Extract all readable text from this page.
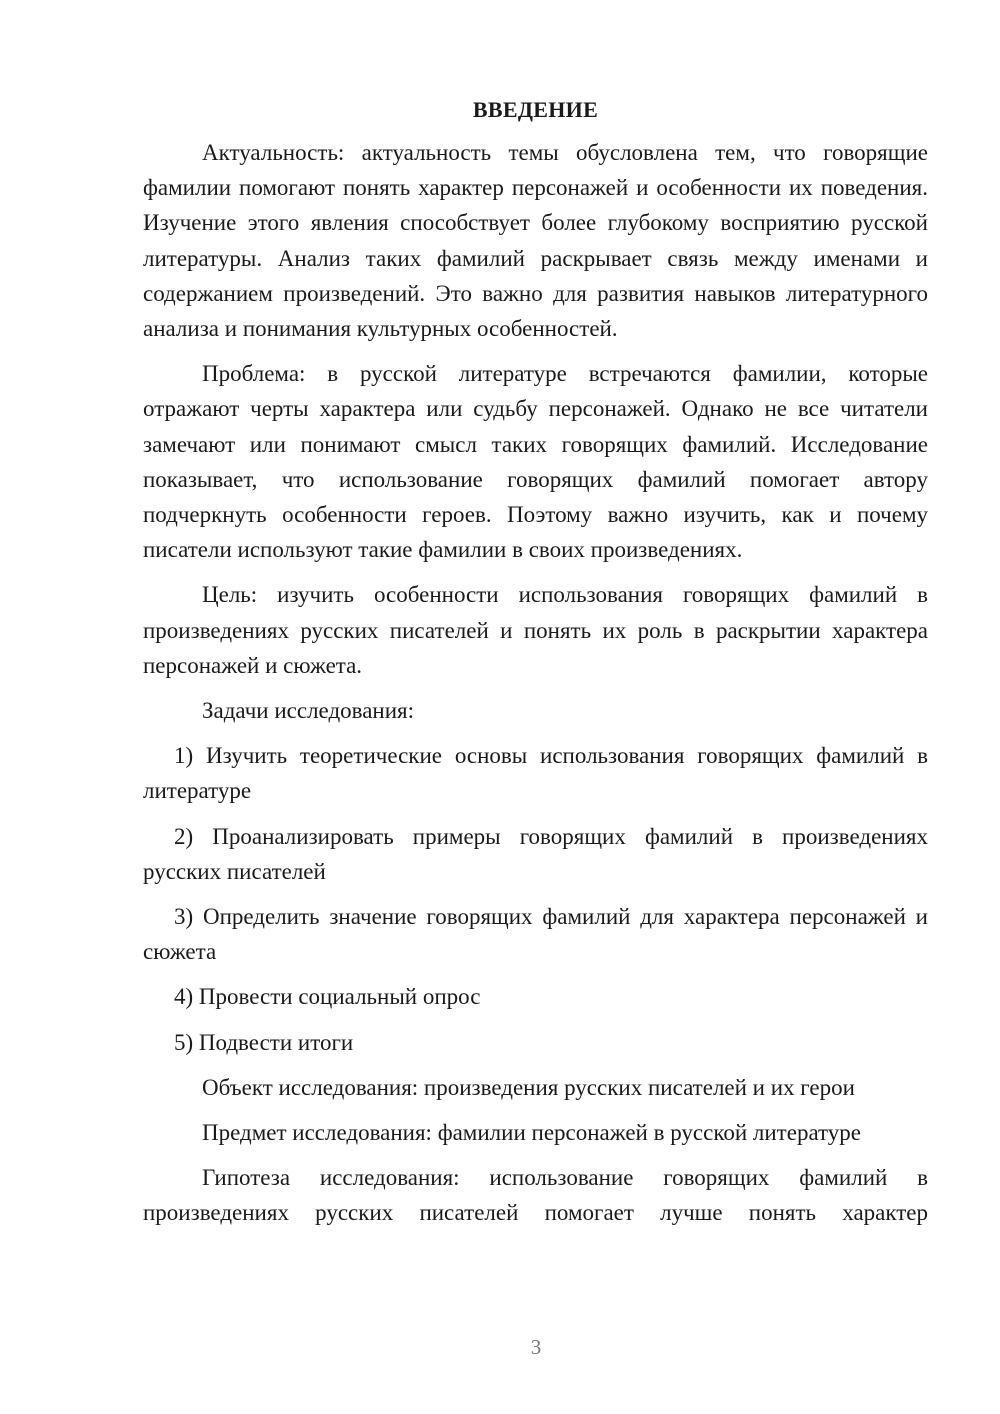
ВВЕДЕНИЕ

Актуальность: актуальность темы обусловлена тем, что говорящие фамилии помогают понять характер персонажей и особенности их поведения. Изучение этого явления способствует более глубокому восприятию русской литературы. Анализ таких фамилий раскрывает связь между именами и содержанием произведений. Это важно для развития навыков литературного анализа и понимания культурных особенностей.

Проблема: в русской литературе встречаются фамилии, которые отражают черты характера или судьбу персонажей. Однако не все читатели замечают или понимают смысл таких говорящих фамилий. Исследование показывает, что использование говорящих фамилий помогает автору подчеркнуть особенности героев. Поэтому важно изучить, как и почему писатели используют такие фамилии в своих произведениях.

Цель: изучить особенности использования говорящих фамилий в произведениях русских писателей и понять их роль в раскрытии характера персонажей и сюжета.

Задачи исследования:

1) Изучить теоретические основы использования говорящих фамилий в литературе

2) Проанализировать примеры говорящих фамилий в произведениях русских писателей

3) Определить значение говорящих фамилий для характера персонажей и сюжета

4) Провести социальный опрос

5) Подвести итоги

Объект исследования: произведения русских писателей и их герои

Предмет исследования: фамилии персонажей в русской литературе

Гипотеза исследования: использование говорящих фамилий в произведениях русских писателей помогает лучше понять характер

3
